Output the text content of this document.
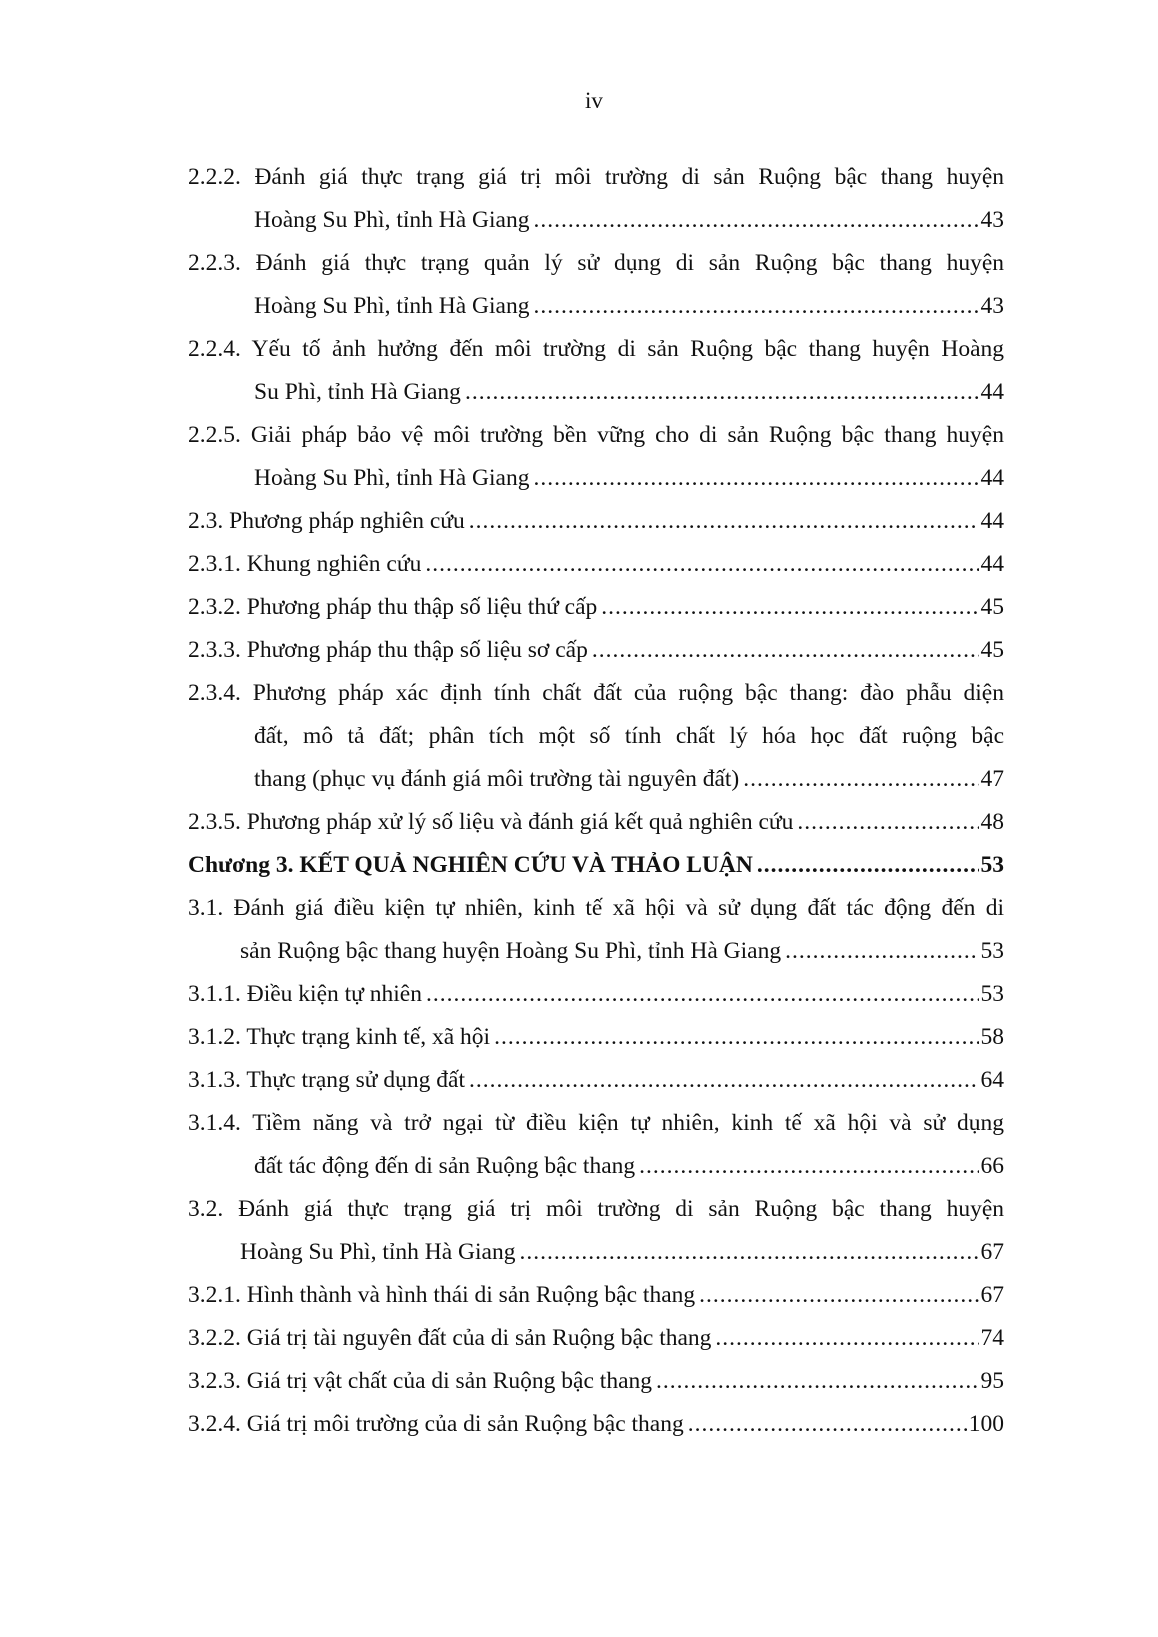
iv
2.2.2. Đánh giá thực trạng giá trị môi trường di sản Ruộng bậc thang huyện
Hoàng Su Phì, tỉnh Hà Giang .....	43
2.2.3. Đánh giá thực trạng quản lý sử dụng di sản Ruộng bậc thang huyện
Hoàng Su Phì, tỉnh Hà Giang .....	43
2.2.4. Yếu tố ảnh hưởng đến môi trường di sản Ruộng bậc thang huyện Hoàng
Su Phì, tỉnh Hà Giang .....	44
2.2.5. Giải pháp bảo vệ môi trường bền vững cho di sản Ruộng bậc thang huyện
Hoàng Su Phì, tỉnh Hà Giang .....	44
2.3. Phương pháp nghiên cứu .....	44
2.3.1. Khung nghiên cứu .....	44
2.3.2. Phương pháp thu thập số liệu thứ cấp .....	45
2.3.3. Phương pháp thu thập số liệu sơ cấp .....	45
2.3.4. Phương pháp xác định tính chất đất của ruộng bậc thang: đào phẫu diện
đất, mô tả đất; phân tích một số tính chất lý hóa học đất ruộng bậc
thang (phục vụ đánh giá môi trường tài nguyên đất) .....	47
2.3.5. Phương pháp xử lý số liệu và đánh giá kết quả nghiên cứu .....	48
Chương 3. KẾT QUẢ NGHIÊN CỨU VÀ THẢO LUẬN .....	53
3.1. Đánh giá điều kiện tự nhiên, kinh tế xã hội và sử dụng đất tác động đến di
sản Ruộng bậc thang huyện Hoàng Su Phì, tỉnh Hà Giang .....	53
3.1.1. Điều kiện tự nhiên .....	53
3.1.2. Thực trạng kinh tế, xã hội .....	58
3.1.3. Thực trạng sử dụng đất .....	64
3.1.4. Tiềm năng và trở ngại từ điều kiện tự nhiên, kinh tế xã hội và sử dụng
đất tác động đến di sản Ruộng bậc thang .....	66
3.2. Đánh giá thực trạng giá trị môi trường di sản Ruộng bậc thang huyện
Hoàng Su Phì, tỉnh Hà Giang .....	67
3.2.1. Hình thành và hình thái di sản Ruộng bậc thang .....	67
3.2.2. Giá trị tài nguyên đất của di sản Ruộng bậc thang .....	74
3.2.3. Giá trị vật chất của di sản Ruộng bậc thang .....	95
3.2.4. Giá trị môi trường của di sản Ruộng bậc thang .....	100
